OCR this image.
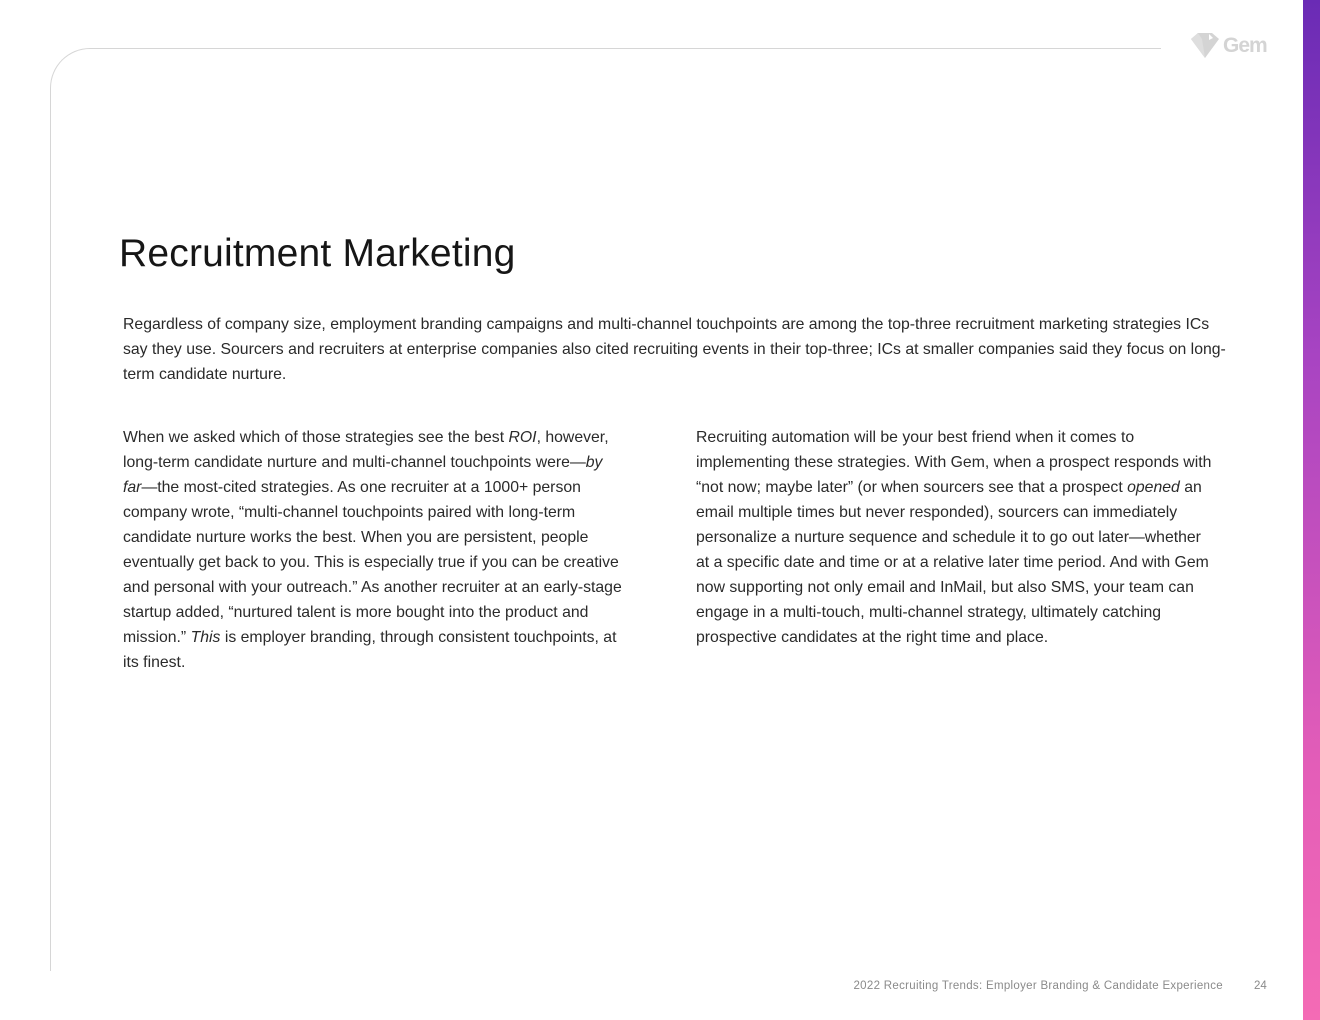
Gem
Recruitment Marketing

Regardless of company size, employment branding campaigns and multi-channel touchpoints are among the top-three recruitment marketing strategies ICs say they use. Sourcers and recruiters at enterprise companies also cited recruiting events in their top-three; ICs at smaller companies said they focus on long-term candidate nurture.

When we asked which of those strategies see the best ROI, however, long-term candidate nurture and multi-channel touchpoints were—by far—the most-cited strategies. As one recruiter at a 1000+ person company wrote, “multi-channel touchpoints paired with long-term candidate nurture works the best. When you are persistent, people eventually get back to you. This is especially true if you can be creative and personal with your outreach.” As another recruiter at an early-stage startup added, “nurtured talent is more bought into the product and mission.” This is employer branding, through consistent touchpoints, at its finest.

Recruiting automation will be your best friend when it comes to implementing these strategies. With Gem, when a prospect responds with “not now; maybe later” (or when sourcers see that a prospect opened an email multiple times but never responded), sourcers can immediately personalize a nurture sequence and schedule it to go out later—whether at a specific date and time or at a relative later time period. And with Gem now supporting not only email and InMail, but also SMS, your team can engage in a multi-touch, multi-channel strategy, ultimately catching prospective candidates at the right time and place.

2022 Recruiting Trends: Employer Branding & Candidate Experience	24
